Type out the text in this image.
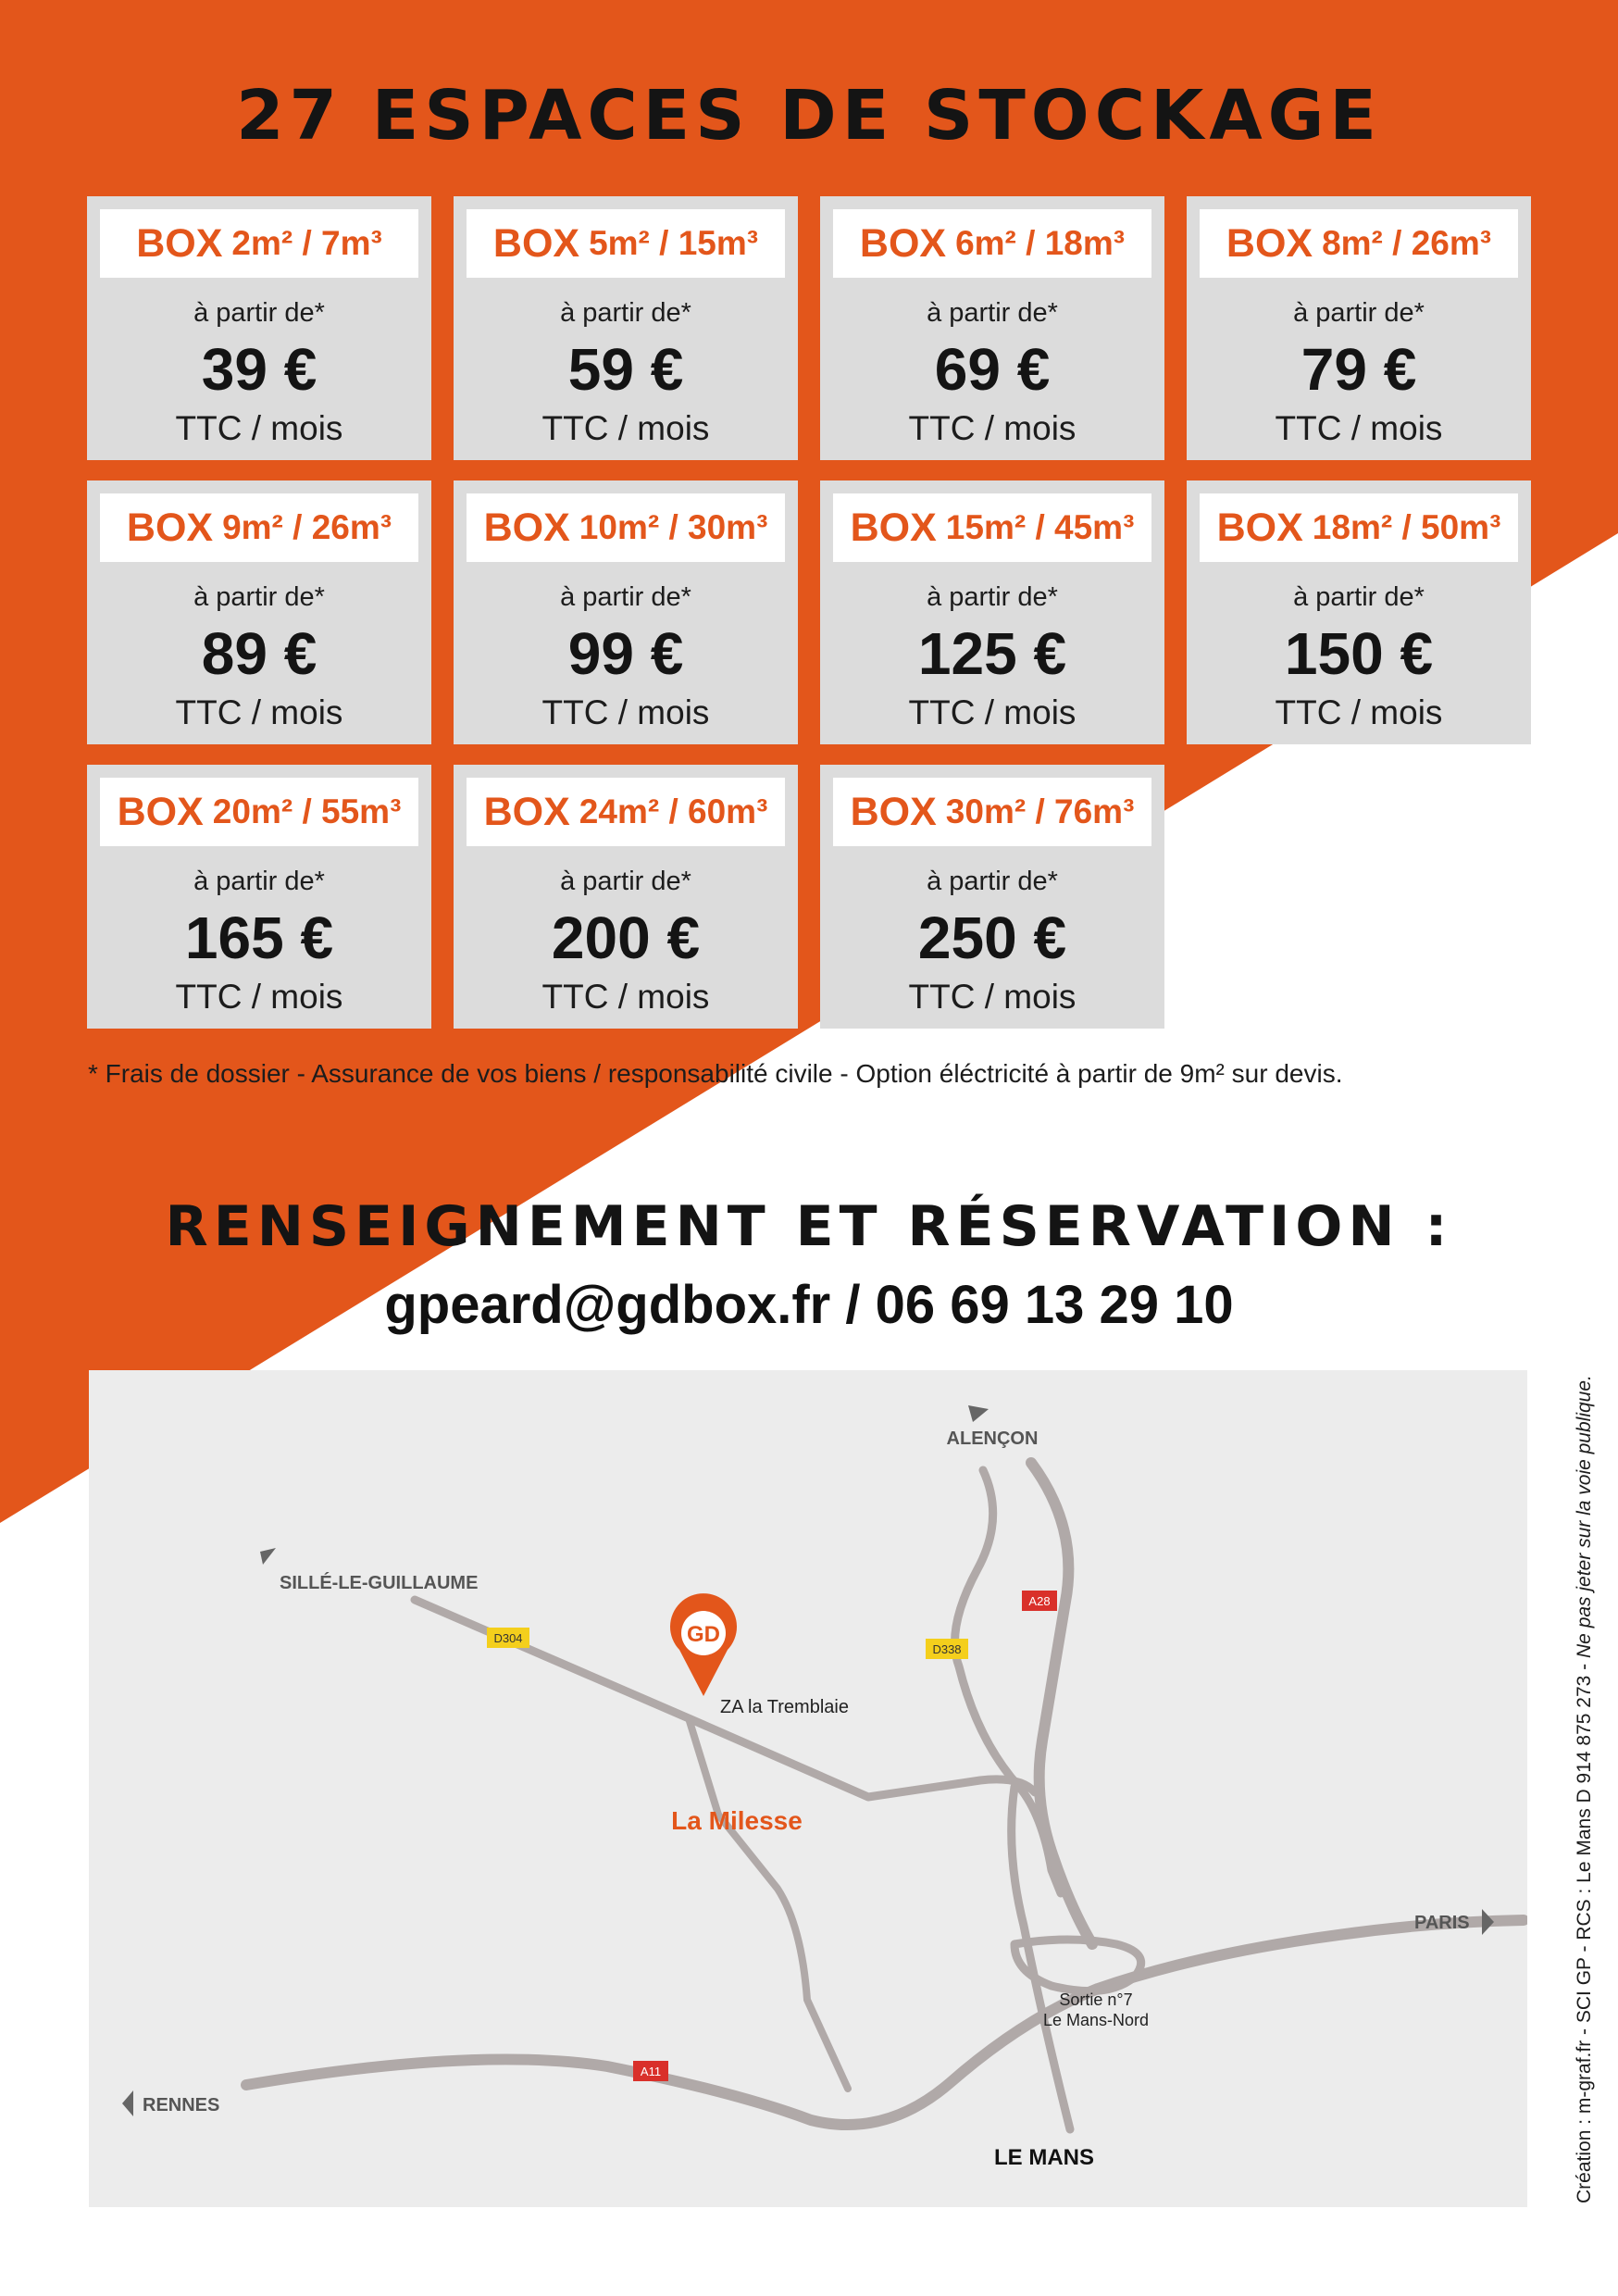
27 ESPACES DE STOCKAGE
BOX 2m² / 7m³
à partir de*
39 €
TTC / mois
BOX 5m² / 15m³
à partir de*
59 €
TTC / mois
BOX 6m² / 18m³
à partir de*
69 €
TTC / mois
BOX 8m² / 26m³
à partir de*
79 €
TTC / mois
BOX 9m² / 26m³
à partir de*
89 €
TTC / mois
BOX 10m² / 30m³
à partir de*
99 €
TTC / mois
BOX 15m² / 45m³
à partir de*
125 €
TTC / mois
BOX 18m² / 50m³
à partir de*
150 €
TTC / mois
BOX 20m² / 55m³
à partir de*
165 €
TTC / mois
BOX 24m² / 60m³
à partir de*
200 €
TTC / mois
BOX 30m² / 76m³
à partir de*
250 €
TTC / mois
* Frais de dossier - Assurance de vos biens / responsabilité civile - Option éléctricité à partir de 9m² sur devis.
RENSEIGNEMENT ET RÉSERVATION :
gpeard@gdbox.fr / 06 69 13 29 10
D304
D338
A28
A11
ALENÇON
SILLÉ-LE-GUILLAUME
PARIS
RENNES
LE MANS
La Milesse
ZA la Tremblaie
Sortie n°7
Le Mans-Nord
GD
Création : m-graf.fr - SCI GP - RCS : Le Mans D 914 875 273 - Ne pas jeter sur la voie publique.
